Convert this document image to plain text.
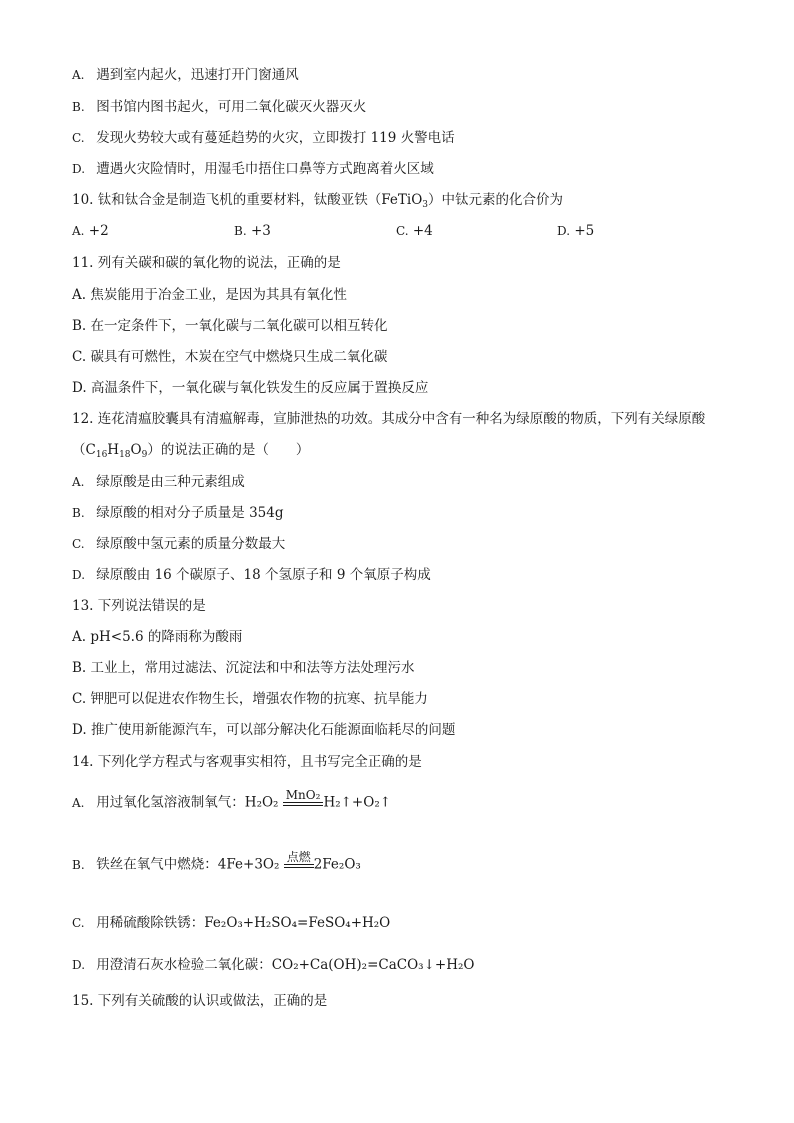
A. 遇到室内起火，迅速打开门窗通风
B. 图书馆内图书起火，可用二氧化碳灭火器灭火
C. 发现火势较大或有蔓延趋势的火灾，立即拨打 119 火警电话
D. 遭遇火灾险情时，用湿毛巾捂住口鼻等方式跑离着火区域
10. 钛和钛合金是制造飞机的重要材料，钛酸亚铁（FeTiO$_3$）中钛元素的化合价为
A. +2	B. +3	C. +4	D. +5
11. 列有关碳和碳的氧化物的说法，正确的是
A. 焦炭能用于冶金工业，是因为其具有氧化性
B. 在一定条件下，一氧化碳与二氧化碳可以相互转化
C. 碳具有可燃性，木炭在空气中燃烧只生成二氧化碳
D. 高温条件下，一氧化碳与氧化铁发生的反应属于置换反应
12. 连花清瘟胶囊具有清瘟解毒，宣肺泄热的功效。其成分中含有一种名为绿原酸的物质，下列有关绿原酸
$(C_{16}H_{18}O_9)$的说法正确的是（　　）
A. 绿原酸是由三种元素组成
B. 绿原酸的相对分子质量是 354g
C. 绿原酸中氢元素的质量分数最大
D. 绿原酸由 16 个碳原子、18 个氢原子和 9 个氧原子构成
13. 下列说法错误的是
A. pH<5.6 的降雨称为酸雨
B. 工业上，常用过滤法、沉淀法和中和法等方法处理污水
C. 钾肥可以促进农作物生长，增强农作物的抗寒、抗旱能力
D. 推广使用新能源汽车，可以部分解决化石能源面临耗尽的问题
14. 下列化学方程式与客观事实相符，且书写完全正确的是
A. 用过氧化氢溶液制氧气：H₂O₂ MnO₂ H₂↑+O₂↑
B. 铁丝在氧气中燃烧：4Fe+3O₂ 点燃 2Fe₂O₃
C. 用稀硫酸除铁锈：Fe₂O₃+H₂SO₄=FeSO₄+H₂O
D. 用澄清石灰水检验二氧化碳：CO₂+Ca(OH)₂=CaCO₃↓+H₂O
15. 下列有关硫酸的认识或做法，正确的是
